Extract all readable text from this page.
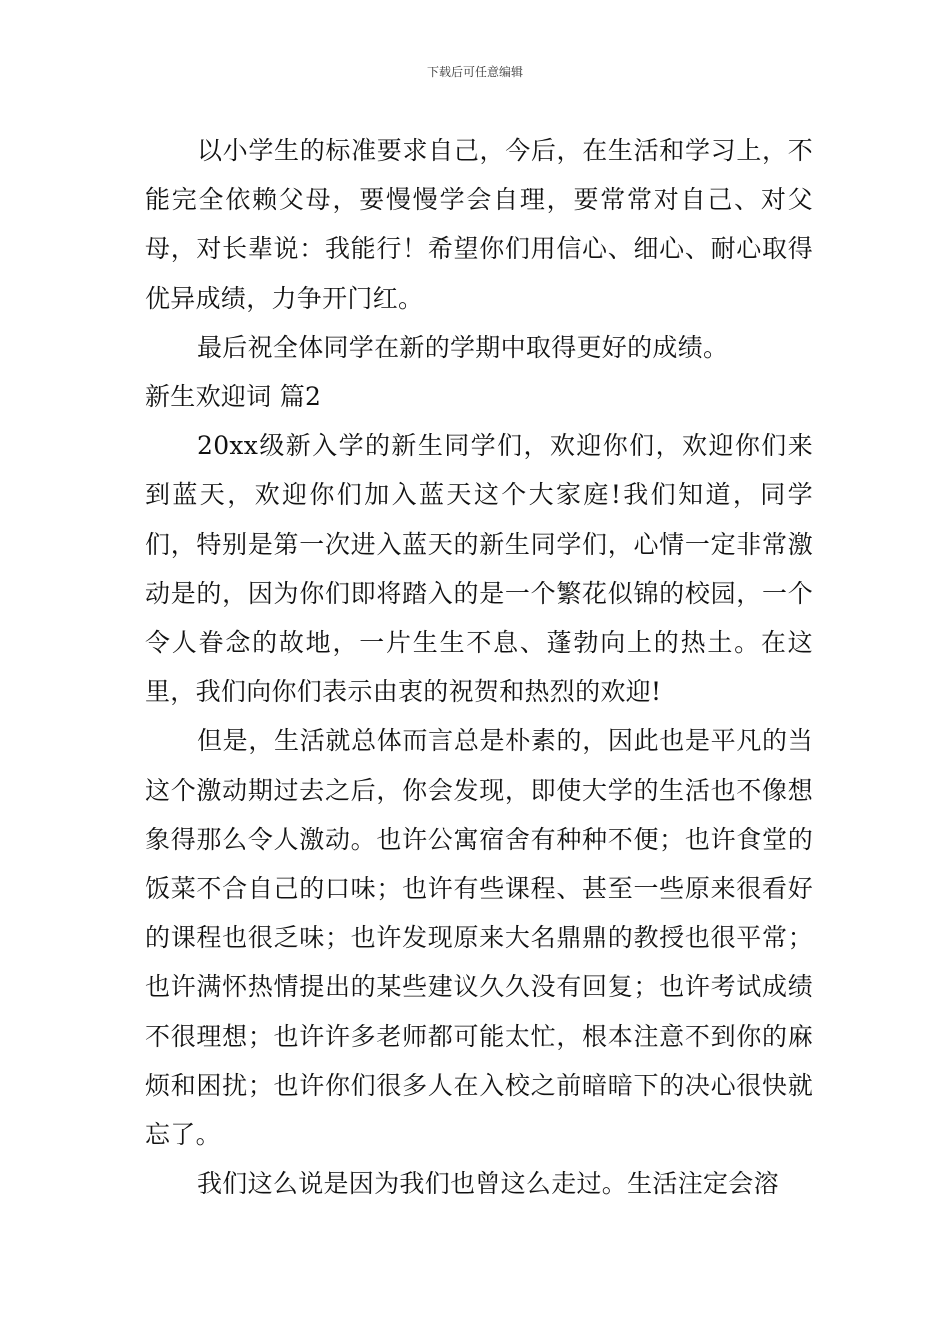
下载后可任意编辑

以小学生的标准要求自己，今后，在生活和学习上，不能完全依赖父母，要慢慢学会自理，要常常对自己、对父母，对长辈说：我能行！希望你们用信心、细心、耐心取得优异成绩，力争开门红。

最后祝全体同学在新的学期中取得更好的成绩。

新生欢迎词 篇2

20xx级新入学的新生同学们，欢迎你们，欢迎你们来到蓝天，欢迎你们加入蓝天这个大家庭!我们知道，同学们，特别是第一次进入蓝天的新生同学们，心情一定非常激动是的，因为你们即将踏入的是一个繁花似锦的校园，一个令人眷念的故地，一片生生不息、蓬勃向上的热土。在这里，我们向你们表示由衷的祝贺和热烈的欢迎!

但是，生活就总体而言总是朴素的，因此也是平凡的当这个激动期过去之后，你会发现，即使大学的生活也不像想象得那么令人激动。也许公寓宿舍有种种不便；也许食堂的饭菜不合自己的口味；也许有些课程、甚至一些原来很看好的课程也很乏味；也许发现原来大名鼎鼎的教授也很平常；也许满怀热情提出的某些建议久久没有回复；也许考试成绩不很理想；也许许多老师都可能太忙，根本注意不到你的麻烦和困扰；也许你们很多人在入校之前暗暗下的决心很快就忘了。

我们这么说是因为我们也曾这么走过。生活注定会溶
